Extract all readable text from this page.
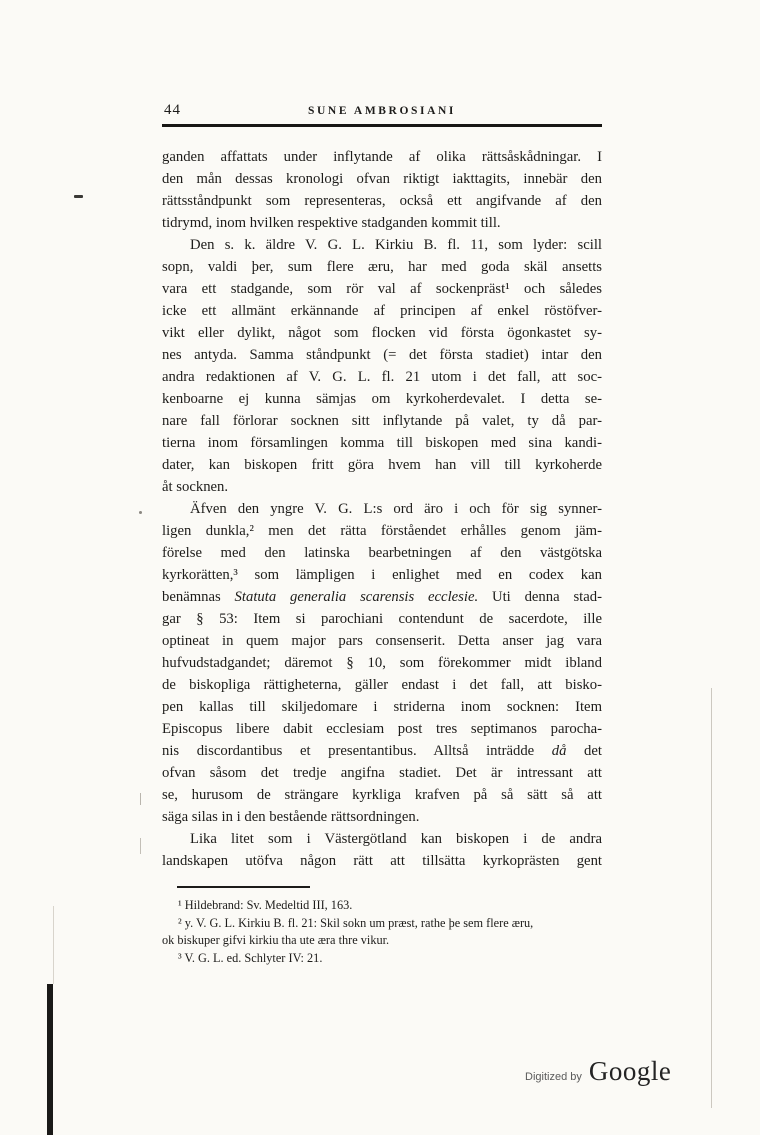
44	SUNE AMBROSIANI
ganden affattats under inflytande af olika rättsåskådningar. I
den mån dessas kronologi ofvan riktigt iakttagits, innebär den
rättsståndpunkt som representeras, också ett angifvande af den
tidrymd, inom hvilken respektive stadganden kommit till.
Den s. k. äldre V. G. L. Kirkiu B. fl. 11, som lyder: scill
sopn, valdi þer, sum flere æru, har med goda skäl ansetts
vara ett stadgande, som rör val af sockenpräst¹ och således
icke ett allmänt erkännande af principen af enkel röstöfver-
vikt eller dylikt, något som flocken vid första ögonkastet sy-
nes antyda. Samma ståndpunkt (= det första stadiet) intar den
andra redaktionen af V. G. L. fl. 21 utom i det fall, att soc-
kenboarne ej kunna sämjas om kyrkoherdevalet. I detta se-
nare fall förlorar socknen sitt inflytande på valet, ty då par-
tierna inom församlingen komma till biskopen med sina kandi-
dater, kan biskopen fritt göra hvem han vill till kyrkoherde
åt socknen.
Äfven den yngre V. G. L:s ord äro i och för sig synner-
ligen dunkla,² men det rätta förståendet erhålles genom jäm-
förelse med den latinska bearbetningen af den västgötska
kyrkorätten,³ som lämpligen i enlighet med en codex kan
benämnas Statuta generalia scarensis ecclesie. Uti denna stad-
gar § 53: Item si parochiani contendunt de sacerdote, ille
optineat in quem major pars consenserit. Detta anser jag vara
hufvudstadgandet; däremot § 10, som förekommer midt ibland
de biskopliga rättigheterna, gäller endast i det fall, att bisko-
pen kallas till skiljedomare i striderna inom socknen: Item
Episcopus libere dabit ecclesiam post tres septimanos parocha-
nis discordantibus et presentantibus. Alltså inträdde då det
ofvan såsom det tredje angifna stadiet. Det är intressant att
se, hurusom de strängare kyrkliga krafven på så sätt så att
säga silas in i den bestående rättsordningen.
Lika litet som i Västergötland kan biskopen i de andra
landskapen utöfva någon rätt att tillsätta kyrkoprästen gent
¹ Hildebrand: Sv. Medeltid III, 163.
² y. V. G. L. Kirkiu B. fl. 21: Skil sokn um præst, rathe þe sem flere æru,
ok biskuper gifvi kirkiu tha ute æra thre vikur.
³ V. G. L. ed. Schlyter IV: 21.
Digitized by Google
